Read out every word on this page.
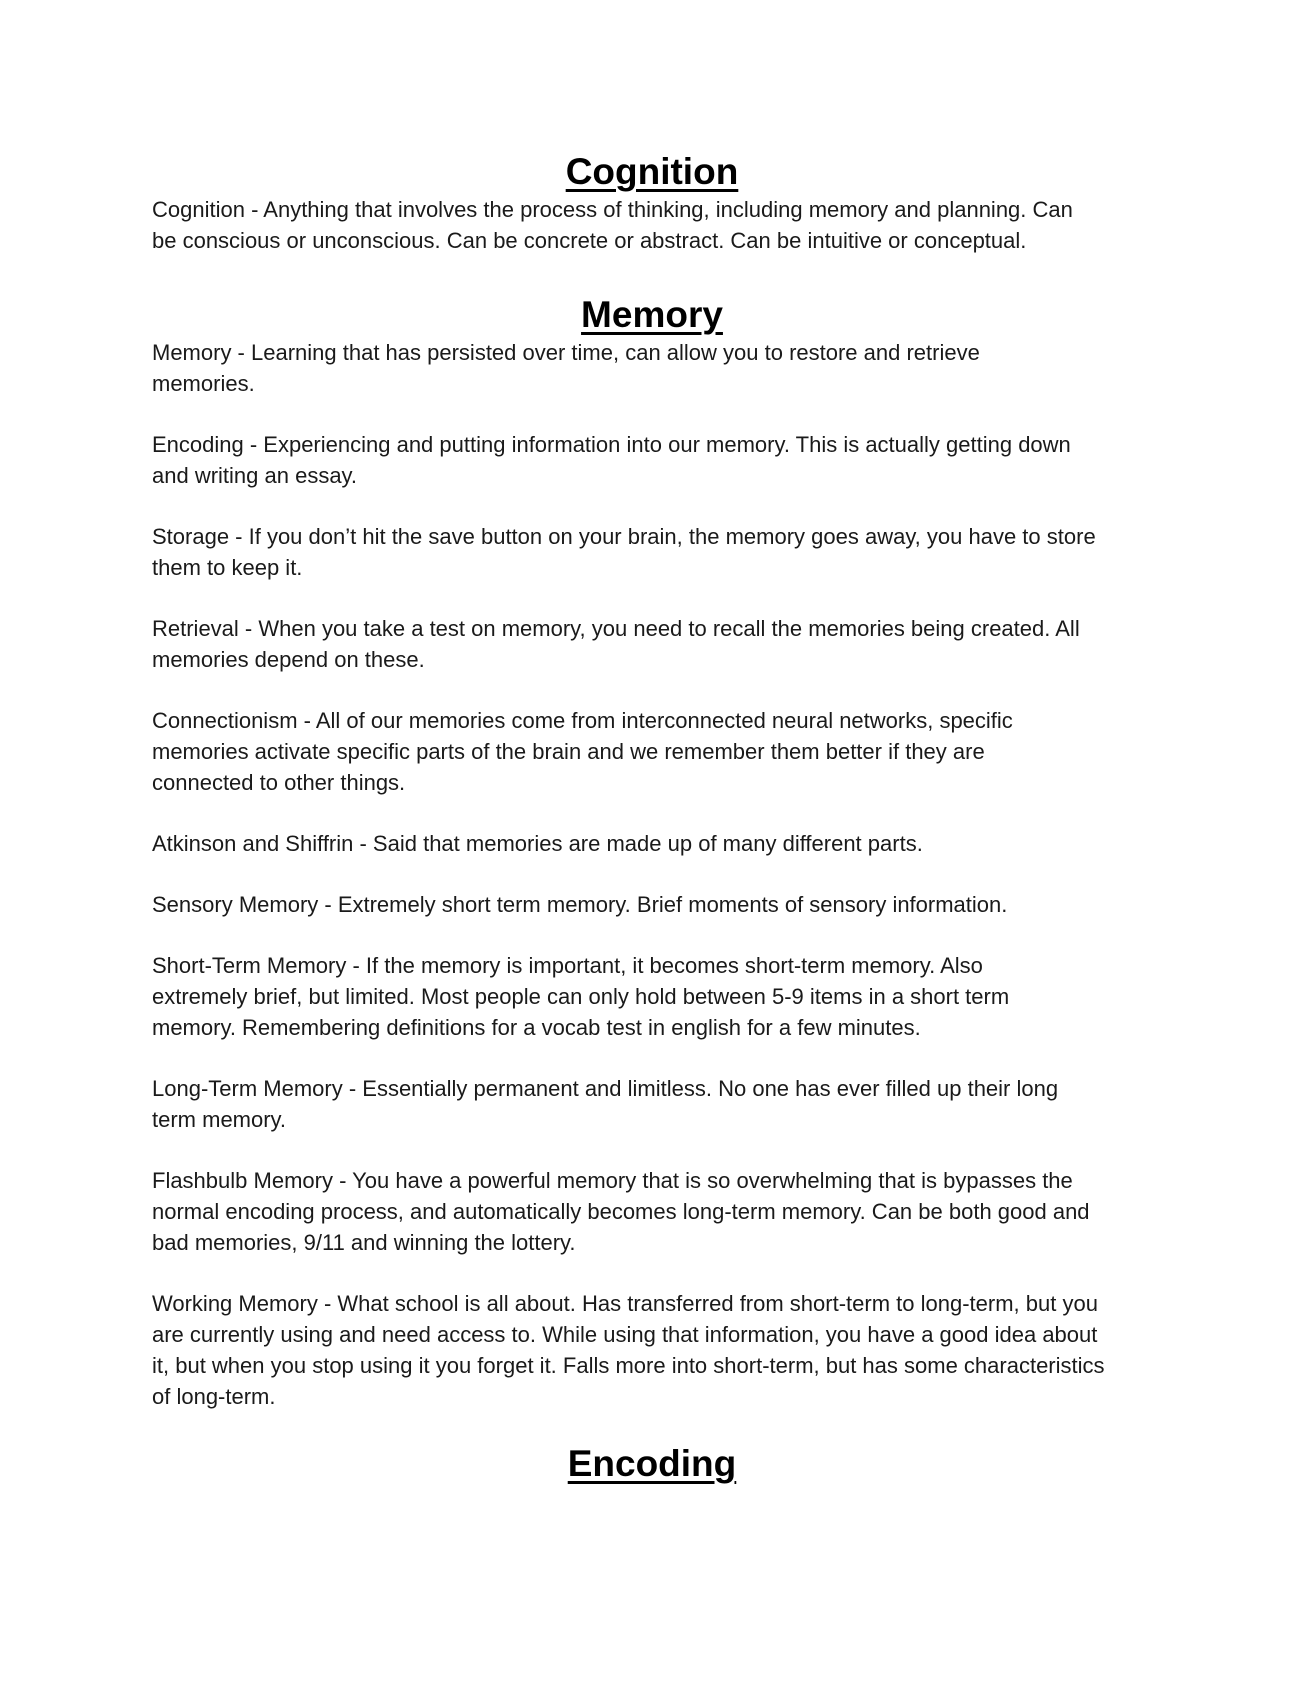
Cognition

Cognition - Anything that involves the process of thinking, including memory and planning. Can be conscious or unconscious. Can be concrete or abstract. Can be intuitive or conceptual.

Memory

Memory - Learning that has persisted over time, can allow you to restore and retrieve memories.

Encoding - Experiencing and putting information into our memory. This is actually getting down and writing an essay.

Storage - If you don’t hit the save button on your brain, the memory goes away, you have to store them to keep it.

Retrieval - When you take a test on memory, you need to recall the memories being created. All memories depend on these.

Connectionism - All of our memories come from interconnected neural networks, specific memories activate specific parts of the brain and we remember them better if they are connected to other things.

Atkinson and Shiffrin - Said that memories are made up of many different parts.

Sensory Memory - Extremely short term memory. Brief moments of sensory information.

Short-Term Memory - If the memory is important, it becomes short-term memory. Also extremely brief, but limited. Most people can only hold between 5-9 items in a short term memory. Remembering definitions for a vocab test in english for a few minutes.

Long-Term Memory - Essentially permanent and limitless. No one has ever filled up their long term memory.

Flashbulb Memory - You have a powerful memory that is so overwhelming that is bypasses the normal encoding process, and automatically becomes long-term memory. Can be both good and bad memories, 9/11 and winning the lottery.

Working Memory - What school is all about. Has transferred from short-term to long-term, but you are currently using and need access to. While using that information, you have a good idea about it, but when you stop using it you forget it. Falls more into short-term, but has some characteristics of long-term.

Encoding
